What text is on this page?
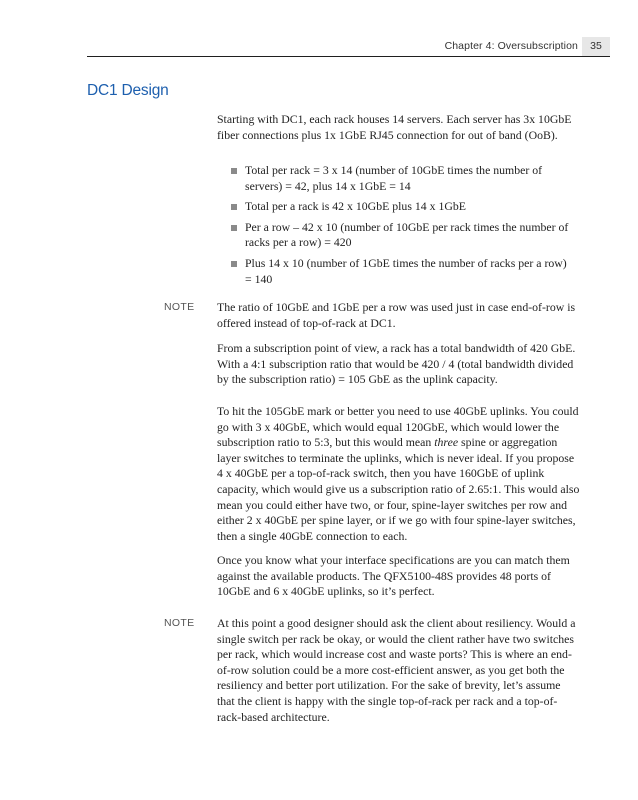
Chapter 4: Oversubscription	35
DC1 Design

Starting with DC1, each rack houses 14 servers. Each server has 3x 10GbE fiber connections plus 1x 1GbE RJ45 connection for out of band (OoB).

Total per rack = 3 x 14 (number of 10GbE times the number of servers) = 42, plus 14 x 1GbE = 14
Total per a rack is 42 x 10GbE plus 14 x 1GbE
Per a row – 42 x 10 (number of 10GbE per rack times the number of racks per a row) = 420
Plus 14 x 10 (number of 1GbE times the number of racks per a row) = 140
NOTE The ratio of 10GbE and 1GbE per a row was used just in case end-of-row is offered instead of top-of-rack at DC1.

From a subscription point of view, a rack has a total bandwidth of 420 GbE. With a 4:1 subscription ratio that would be 420 / 4 (total bandwidth divided by the subscription ratio) = 105 GbE as the uplink capacity.

To hit the 105GbE mark or better you need to use 40GbE uplinks. You could go with 3 x 40GbE, which would equal 120GbE, which would lower the subscription ratio to 5:3, but this would mean three spine or aggregation layer switches to terminate the uplinks, which is never ideal. If you propose 4 x 40GbE per a top-of-rack switch, then you have 160GbE of uplink capacity, which would give us a subscription ratio of 2.65:1. This would also mean you could either have two, or four, spine-layer switches per row and either 2 x 40GbE per spine layer, or if we go with four spine-layer switches, then a single 40GbE connection to each.

Once you know what your interface specifications are you can match them against the available products. The QFX5100-48S provides 48 ports of 10GbE and 6 x 40GbE uplinks, so it’s perfect.

NOTE At this point a good designer should ask the client about resiliency. Would a single switch per rack be okay, or would the client rather have two switches per rack, which would increase cost and waste ports? This is where an end-of-row solution could be a more cost-efficient answer, as you get both the resiliency and better port utilization. For the sake of brevity, let’s assume that the client is happy with the single top-of-rack per rack and a top-of-rack-based architecture.
